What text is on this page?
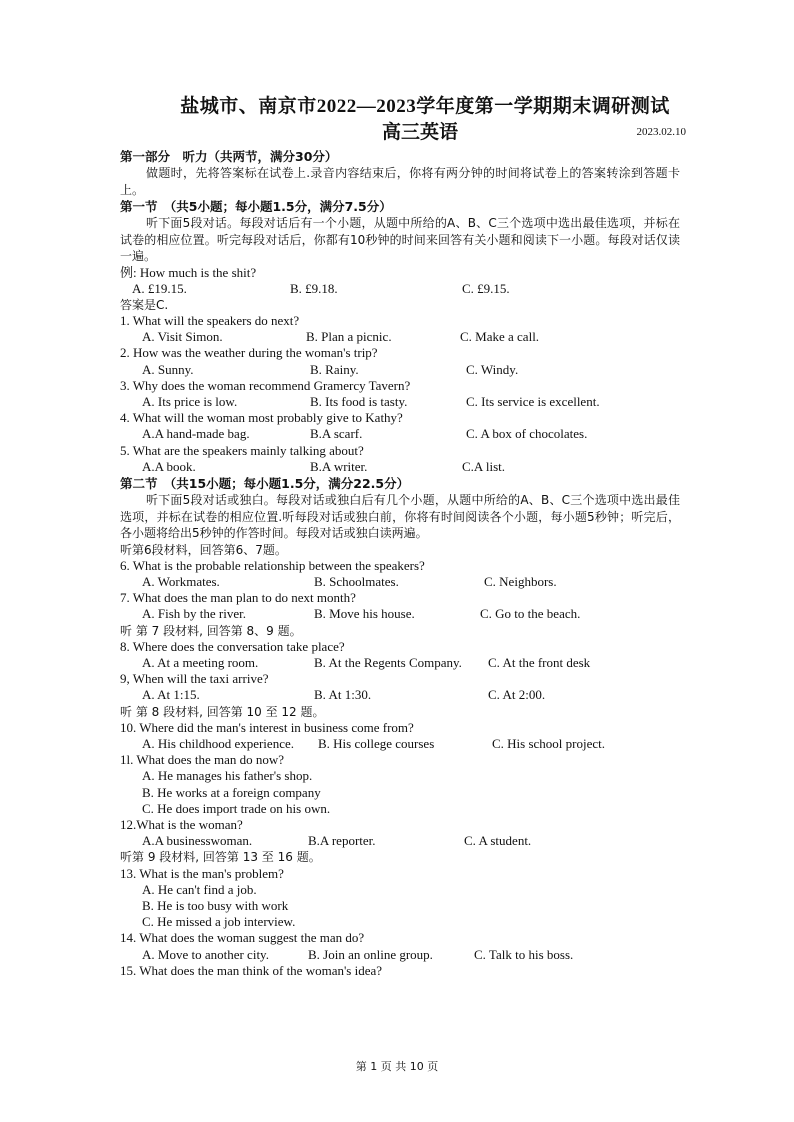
盐城市、南京市2022—2023学年度第一学期期末调研测试
高三英语	2023.02.10
第一部分　听力（共两节，满分30分）
做题时，先将答案标在试卷上.录音内容结束后，你将有两分钟的时间将试卷上的答案转涂到答题卡上。
第一节　（共5小题；每小题1.5分，满分7.5分）
听下面5段对话。每段对话后有一个小题，从题中所给的A、B、C三个选项中选出最佳选项，并标在试卷的相应位置。听完每段对话后，你都有10秒钟的时间来回答有关小题和阅读下一小题。每段对话仅读一遍。
例: How much is the shit?
A. £19.15.	B. £9.18.	C. £9.15.
答案是C.
1. What will the speakers do next?
A. Visit Simon.	B. Plan a picnic.	C. Make a call.
2. How was the weather during the woman's trip?
A. Sunny.	B. Rainy.	C. Windy.
3. Why does the woman recommend Gramercy Tavern?
A. Its price is low.	B. Its food is tasty.	C. Its service is excellent.
4. What will the woman most probably give to Kathy?
A.A hand-made bag.	B.A scarf.	C. A box of chocolates.
5. What are the speakers mainly talking about?
A.A book.	B.A writer.	C.A list.
第二节　（共15小题；每小题1.5分，满分22.5分）
听下面5段对话或独白。每段对话或独白后有几个小题，从题中所给的A、B、C三个选项中选出最佳选项，并标在试卷的相应位置.听每段对话或独白前，你将有时间阅读各个小题，每小题5秒钟；听完后，各小题将给出5秒钟的作答时间。每段对话或独白读两遍。
听第6段材料，回答第6、7题。
6. What is the probable relationship between the speakers?
A. Workmates.	B. Schoolmates.	C. Neighbors.
7. What does the man plan to do next month?
A. Fish by the river.	B. Move his house.	C. Go to the beach.
听 第 7 段材料, 回答第 8、9 题。
8. Where does the conversation take place?
A. At a meeting room.	B. At the Regents Company. C. At the front desk
9, When will the taxi arrive?
A. At 1:15.	B. At 1:30.	C. At 2:00.
听 第 8 段材料, 回答第 10 至 12 题。
10. Where did the man's interest in business come from?
A. His childhood experience. B. His college courses	C. His school project.
1l. What does the man do now?
A. He manages his father's shop.
B. He works at a foreign company
C. He does import trade on his own.
12.What is the woman?
A.A businesswoman.	B.A reporter.	C. A student.
听第 9 段材料, 回答第 13 至 16 题。
13. What is the man's problem?
A. He can't find a job.
B. He is too busy with work
C. He missed a job interview.
14. What does the woman suggest the man do?
A. Move to another city.	B. Join an online group.	C. Talk to his boss.
15. What does the man think of the woman's idea?
第 1 页 共 10 页
